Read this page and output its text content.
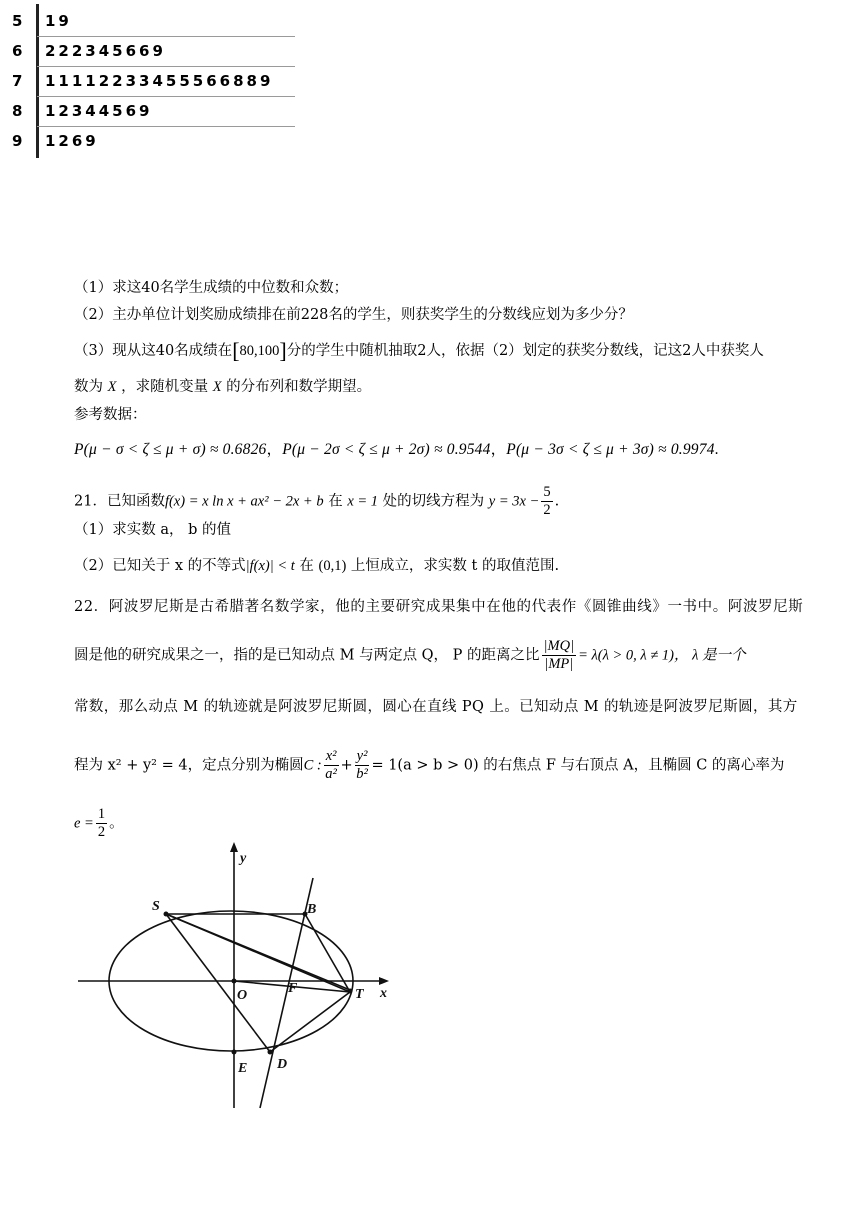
5 19
6 222345669
7 11112233455566889
8 12344569
9 1269
（1）求这40名学生成绩的中位数和众数；
（2）主办单位计划奖励成绩排在前228名的学生，则获奖学生的分数线应划为多少分？
（3）现从这40名成绩在[80,100]分的学生中随机抽取2人，依据（2）划定的获奖分数线，记这2人中获奖人
数为 X ，求随机变量 X 的分布列和数学期望。
参考数据：
P(μ − σ < ζ ≤ μ + σ) ≈ 0.6826，P(μ − 2σ < ζ ≤ μ + 2σ) ≈ 0.9544，P(μ − 3σ < ζ ≤ μ + 3σ) ≈ 0.9974.
21．已知函数f(x) = x ln x + ax² − 2x + b 在 x = 1 处的切线方程为 $y = 3x - \frac{5}{2}$ .
（1）求实数 a， b 的值
（2）已知关于 x 的不等式|f(x)| < t 在 (0,1) 上恒成立，求实数 t 的取值范围.
22．阿波罗尼斯是古希腊著名数学家，他的主要研究成果集中在他的代表作《圆锥曲线》一书中。阿波罗尼斯
圆是他的研究成果之一，指的是已知动点 M 与两定点 Q， P 的距离之比 $\frac{|MQ|}{|MP|} = \lambda(\lambda > 0$, λ ≠ 1)， λ 是一个
常数，那么动点 M 的轨迹就是阿波罗尼斯圆，圆心在直线 PQ 上。已知动点 M 的轨迹是阿波罗尼斯圆，其方
程为 x² + y² = 4，定点分别为椭圆C : $\frac{\text{x²}}{\text{a²}} + \frac{\text{y²}}{\text{b²}} = 1(a > b > 0)$ 的右焦点 F 与右顶点 A，且椭圆 C 的离心率为
$e = \frac{1}{2}$ 。
y
x
S	B
O	F	T
D
E
